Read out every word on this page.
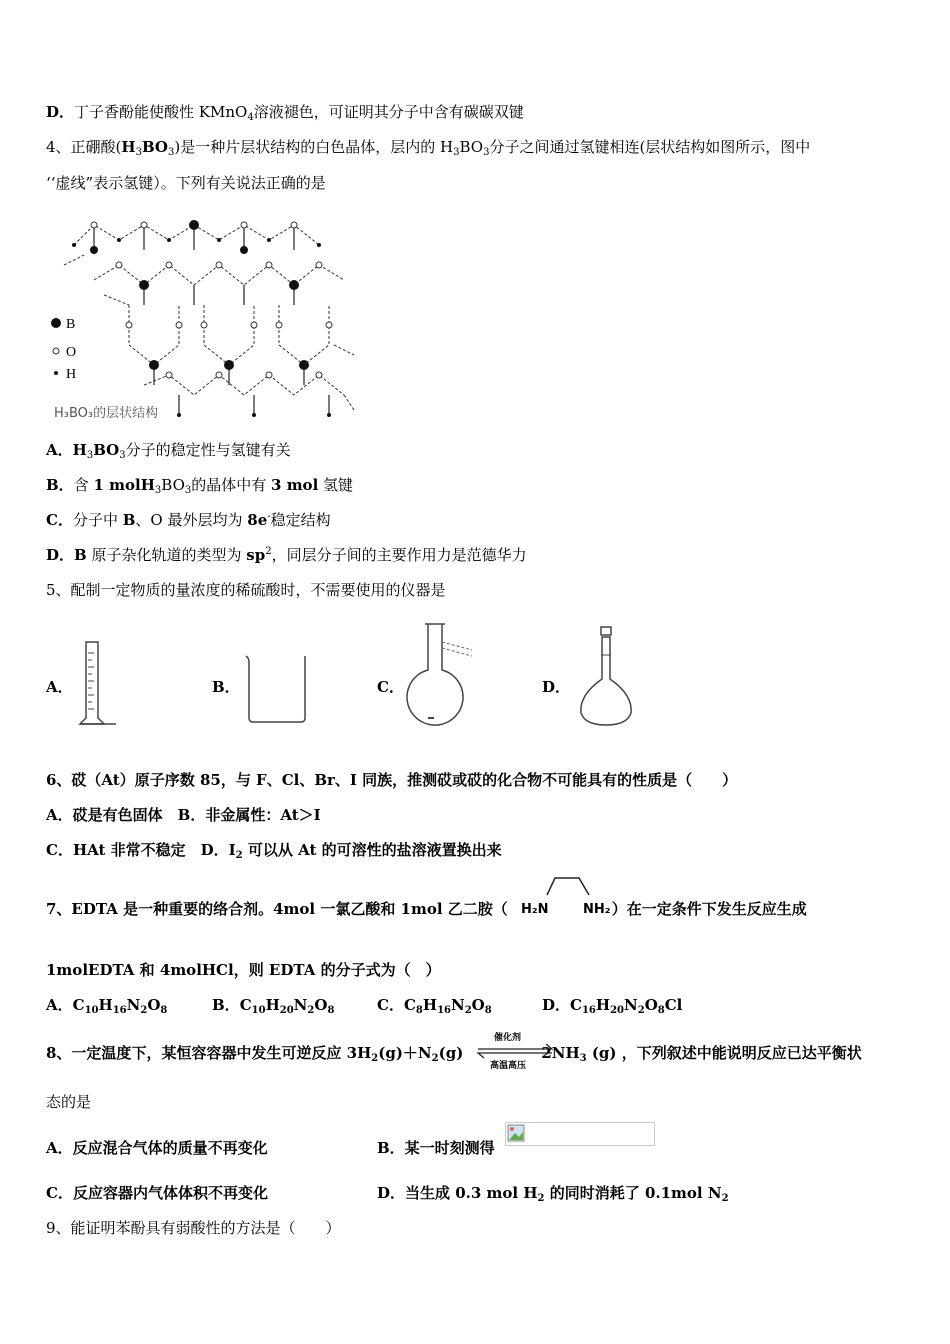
D．丁子香酚能使酸性 KMnO$_4$溶液褪色，可证明其分子中含有碳碳双键
4、正硼酸$(H_3BO_3)$是一种片层状结构的白色晶体，层内的 $H_3BO_3$分子之间通过氢键相连(层状结构如图所示，图中
‘‘虚线”表示氢键）。下列有关说法正确的是
B
O
H
H₃BO₃的层状结构
A．$H_3BO_3$分子的稳定性与氢键有关
B．含 1 $molH_3BO_3$的晶体中有 3 mol 氢键
C．分子中 B、O 最外层均为 8e-稳定结构
D．B 原子杂化轨道的类型为 $sp^2$，同层分子间的主要作用力是范德华力
5、配制一定物质的量浓度的稀硫酸时，不需要使用的仪器是
A．	B．	C．	D．
6、砹（At）原子序数 85，与 F、Cl、Br、I 同族，推测砹或砹的化合物不可能具有的性质是（　　）
A．砹是有色固体　B．非金属性：At＞I
C．HAt 非常不稳定　D．$I_2$ 可以从 At 的可溶性的盐溶液置换出来
7、EDTA 是一种重要的络合剂。4mol 一氯乙酸和 1mol 乙二胺（	）在一定条件下发生反应生成
H₂N	NH₂
1molEDTA 和 4molHCl，则 EDTA 的分子式为（　）
A．$C_{10}H_{16}N_2O_8$	B．$C_{10}H_{20}N_2O_8$	C．$C_8H_{16}N_2O_8$	D．$C_{16}H_{20}N_2O_8Cl$
8、一定温度下，某恒容容器中发生可逆反应 $3H_2(g)+N_2(g)$	$2NH_3$ (g) ，下列叙述中能说明反应已达平衡状
催化剂
高温高压
态的是
A．反应混合气体的质量不再变化	B．某一时刻测得
C．反应容器内气体体积不再变化	D．当生成 0.3 mol $H_2$ 的同时消耗了 0.1mol $N_2$
9、能证明苯酚具有弱酸性的方法是（　　）
